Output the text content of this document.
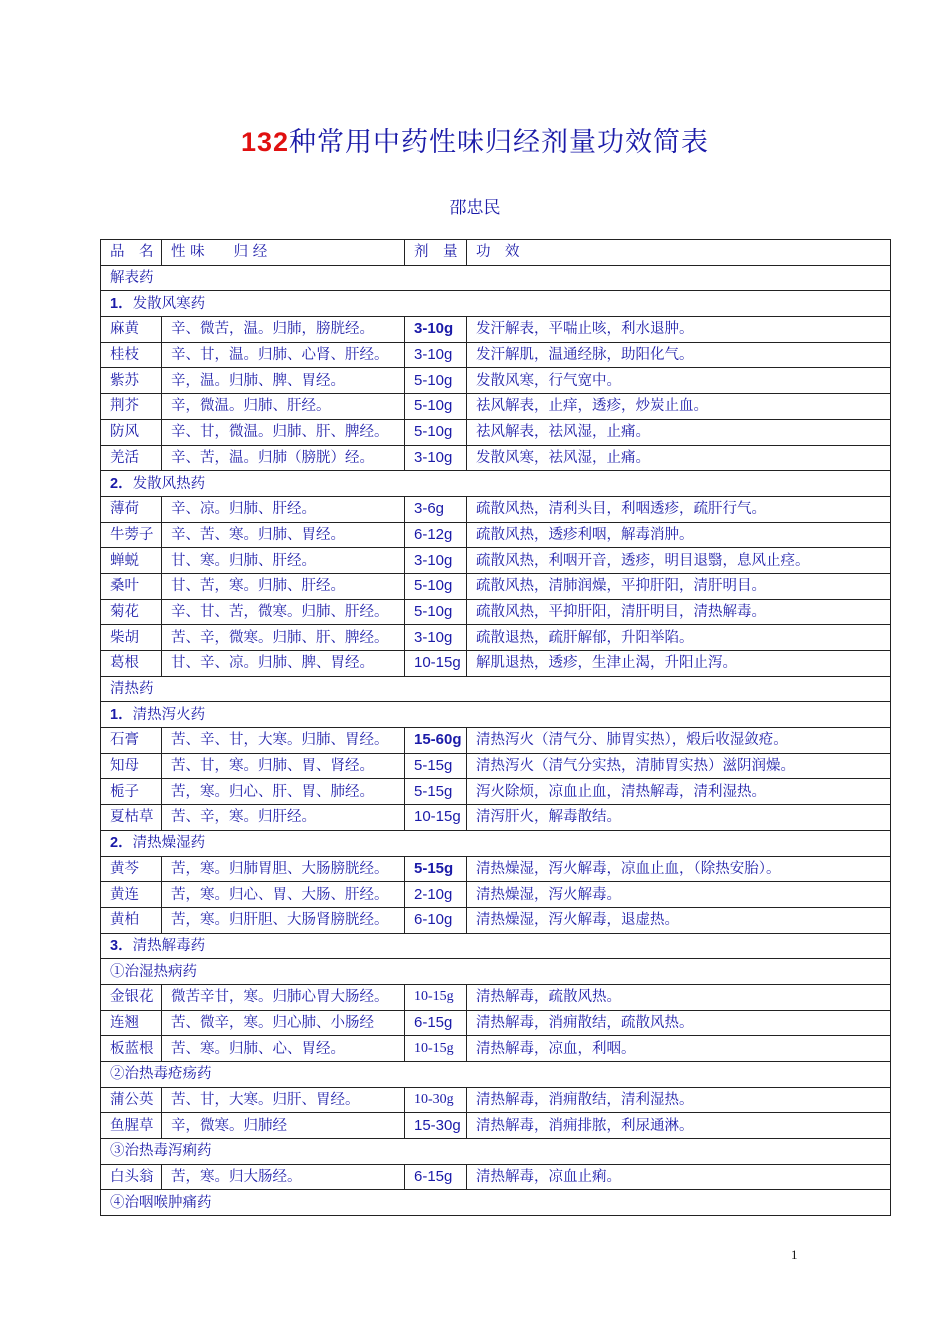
132种常用中药性味归经剂量功效简表
邵忠民
品　名	性 味　　 归 经	剂　量	功　效
解表药			
1．发散风寒药			
麻黄	辛、微苦，温。归肺，膀胱经。	3-10g	发汗解表，平喘止咳，利水退肿。
桂枝	辛、甘，温。归肺、心肾、肝经。	3-10g	发汗解肌，温通经脉，助阳化气。
紫苏	辛，温。归肺、脾、胃经。	5-10g	发散风寒，行气宽中。
荆芥	辛，微温。归肺、肝经。	5-10g	祛风解表，止痒，透疹，炒炭止血。
防风	辛、甘，微温。归肺、肝、脾经。	5-10g	祛风解表，祛风湿，止痛。
羌活	辛、苦，温。归肺（膀胱）经。	3-10g	发散风寒，祛风湿，止痛。
2．发散风热药			
薄荷	辛、凉。归肺、肝经。	3-6g	疏散风热，清利头目，利咽透疹，疏肝行气。
牛蒡子	辛、苦、寒。归肺、胃经。	6-12g	疏散风热，透疹利咽，解毒消肿。
蝉蜕	甘、寒。归肺、肝经。	3-10g	疏散风热，利咽开音，透疹，明目退翳，息风止痉。
桑叶	甘、苦，寒。归肺、肝经。	5-10g	疏散风热，清肺润燥，平抑肝阳，清肝明目。
菊花	辛、甘、苦，微寒。归肺、肝经。	5-10g	疏散风热，平抑肝阳，清肝明目，清热解毒。
柴胡	苦、辛，微寒。归肺、肝、脾经。	3-10g	疏散退热，疏肝解郁，升阳举陷。
葛根	甘、辛、凉。归肺、脾、胃经。	10-15g	解肌退热，透疹，生津止渴，升阳止泻。
清热药			
1．清热泻火药			
石膏	苦、辛、甘，大寒。归肺、胃经。	15-60g	清热泻火（清气分、肺胃实热），煅后收湿敛疮。
知母	苦、甘，寒。归肺、胃、肾经。	5-15g	清热泻火（清气分实热，清肺胃实热）滋阴润燥。
栀子	苦，寒。归心、肝、胃、肺经。	5-15g	泻火除烦，凉血止血，清热解毒，清利湿热。
夏枯草	苦、辛，寒。归肝经。	10-15g	清泻肝火，解毒散结。
2．清热燥湿药			
黄芩	苦，寒。归肺胃胆、大肠膀胱经。	5-15g	清热燥湿，泻火解毒，凉血止血，（除热安胎）。
黄连	苦，寒。归心、胃、大肠、肝经。	2-10g	清热燥湿，泻火解毒。
黄柏	苦，寒。归肝胆、大肠肾膀胱经。	6-10g	清热燥湿，泻火解毒，退虚热。
3．清热解毒药			
①治湿热病药			
金银花	微苦辛甘，寒。归肺心胃大肠经。	10-15g	清热解毒，疏散风热。
连翘	苦、微辛，寒。归心肺、小肠经	6-15g	清热解毒，消痈散结，疏散风热。
板蓝根	苦、寒。归肺、心、胃经。	10-15g	清热解毒，凉血，利咽。
②治热毒疮疡药			
蒲公英	苦、甘，大寒。归肝、胃经。	10-30g	清热解毒，消痈散结，清利湿热。
鱼腥草	辛，微寒。归肺经	15-30g	清热解毒，消痈排脓，利尿通淋。
③治热毒泻痢药			
白头翁	苦，寒。归大肠经。	6-15g	清热解毒，凉血止痢。
④治咽喉肿痛药			
1
